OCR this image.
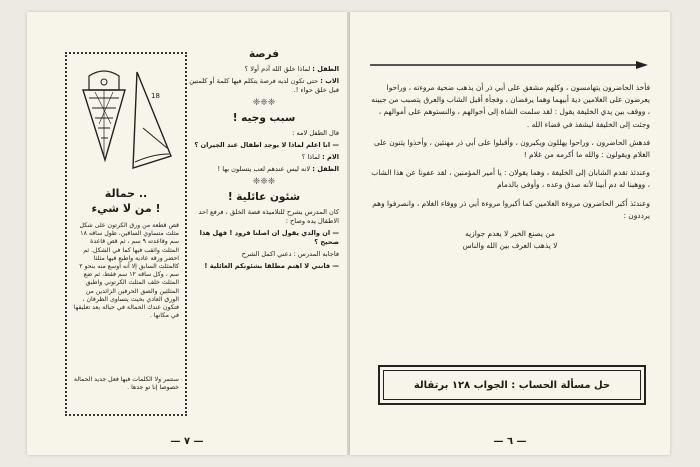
18
حمالة ..
من لا شيء !
قص قطعة من ورق الكرتون على شكل مثلث متساوي الساقين، طول ساقه ١٨ سم وقاعدته ٩ سم ، ثم قص قاعدة المثلث واثقب فيها كما في الشكل. ثم احضر ورقة عادية واطبع فيها مثلثا كالمثلث السابق إلا أنه أوسع منه بنحو ٢ سم ، وكل ساقه ١٢ سم فقط، ثم ضع المثلث خلف المثلث الكرتوني واطبق المثلثين والصق الحرفين الزائدين من الورق العادي بحيث يتساوى الطرفان ، فتكون عندك الحمالة في حبالة بعد تعليقها في مكانها .
سنتمر ولا الكلمات فيها فعل جديد الحمالة خصوصا إنا تو جدها .
فرصة

الطفل : لماذا خلق الله آدم أولا ؟

الاب : حتى تكون لديه فرصة يتكلم فيها كلمة أو كلمتين قبل خلق حواء !.

❈❈❈
سبب وجيه !

قال الطفل لامه :

— انا اعلم لماذا لا يوجد اطفال عند الجيران ؟

الام : لماذا ؟

الطفل : لانه ليس عندهم لعب يتسلون بها !

❈❈❈
شئون عائلية !

كان المدرس يشرح للتلاميذه قصة الخلق ، فرفع احد الاطفال يده وصاح :

— ان والدي يقول ان اصلنا قرود ! فهل هذا صحيح ؟

فاجابه المدرس : دعني اكمل الشرح

— فانني لا اهتم مطلقا بشئونكم العائلية !

— ٧ —

فأخذ الحاضرون يتهامسون ، وكلهم مشفق على أبي ذر أن يذهب ضحية مروءته ، وراحوا يعرضون على الغلامين دية أبيهما وهما يرفضان ، وفجأة أقبل الشاب والعرق يتصبب من جبينه ، ووقف بين يدي الخليفة يقول : لقد سلمت الشاة إلى أخوالهم ، والنستوهم على أموالهم ، وجئت إلى الخليفة ليشفذ في قضاء الله .

فدهش الحاضرون ، وراحوا يهللون ويكبرون ، وأقبلوا على أبي ذر مهنئين ، وأخذوا يثنون على الغلام ويقولون : والله ما أكرمه من غلام !

وعندئذ تقدم الشابان إلى الخليفة ، وهما يقولان : يا أمير المؤمنين ، لقد عفونا عن هذا الشاب ، ووهبنا له دم أبينا لأنه صدق وعده ، وأوفى بالدمام

وعندئذ أكبر الحاضرون مروءة الغلامين كما أكبروا مروءة أبي ذر ووفاء الغلام ، وانصرفوا وهم يرددون :

من يصنع الخير لا يعدم جوازيه
لا يذهب العرف بين الله والناس
حل مسألة الحساب : الجواب ١٢٨ برتقالة
— ٦ —
